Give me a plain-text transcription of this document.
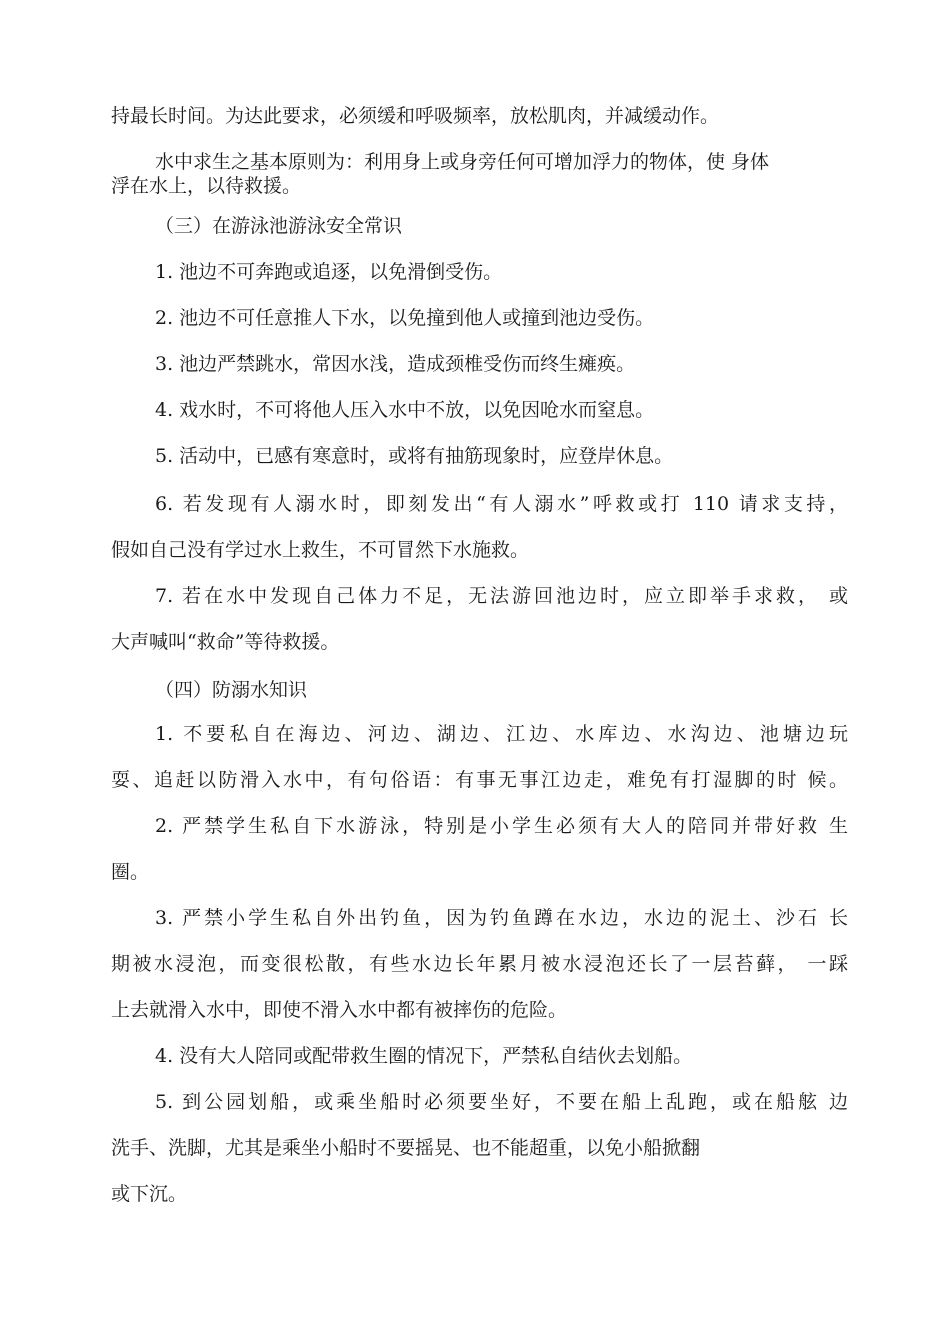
持最长时间。为达此要求，必须缓和呼吸频率，放松肌肉，并减缓动作。
水中求生之基本原则为：利用身上或身旁任何可增加浮力的物体，使 身体
浮在水上，以待救援。
（三）在游泳池游泳安全常识
1. 池边不可奔跑或追逐，以免滑倒受伤。
2. 池边不可任意推人下水，以免撞到他人或撞到池边受伤。
3. 池边严禁跳水，常因水浅，造成颈椎受伤而终生瘫痪。
4. 戏水时，不可将他人压入水中不放，以免因呛水而窒息。
5. 活动中，已感有寒意时，或将有抽筋现象时，应登岸休息。
6. 若发现有人溺水时，即刻发出“有人溺水”呼救或打 110 请求支持，
假如自己没有学过水上救生，不可冒然下水施救。
7. 若在水中发现自己体力不足，无法游回池边时，应立即举手求救， 或
大声喊叫“救命”等待救援。
（四）防溺水知识
1. 不要私自在海边、河边、湖边、江边、水库边、水沟边、池塘边玩
耍、追赶以防滑入水中，有句俗语：有事无事江边走，难免有打湿脚的时 候。
2. 严禁学生私自下水游泳，特别是小学生必须有大人的陪同并带好救 生
圈。
3. 严禁小学生私自外出钓鱼，因为钓鱼蹲在水边，水边的泥土、沙石 长
期被水浸泡，而变很松散，有些水边长年累月被水浸泡还长了一层苔藓， 一踩
上去就滑入水中，即使不滑入水中都有被摔伤的危险。
4. 没有大人陪同或配带救生圈的情况下，严禁私自结伙去划船。
5. 到公园划船，或乘坐船时必须要坐好，不要在船上乱跑，或在船舷 边
洗手、洗脚，尤其是乘坐小船时不要摇晃、也不能超重，以免小船掀翻
或下沉。
